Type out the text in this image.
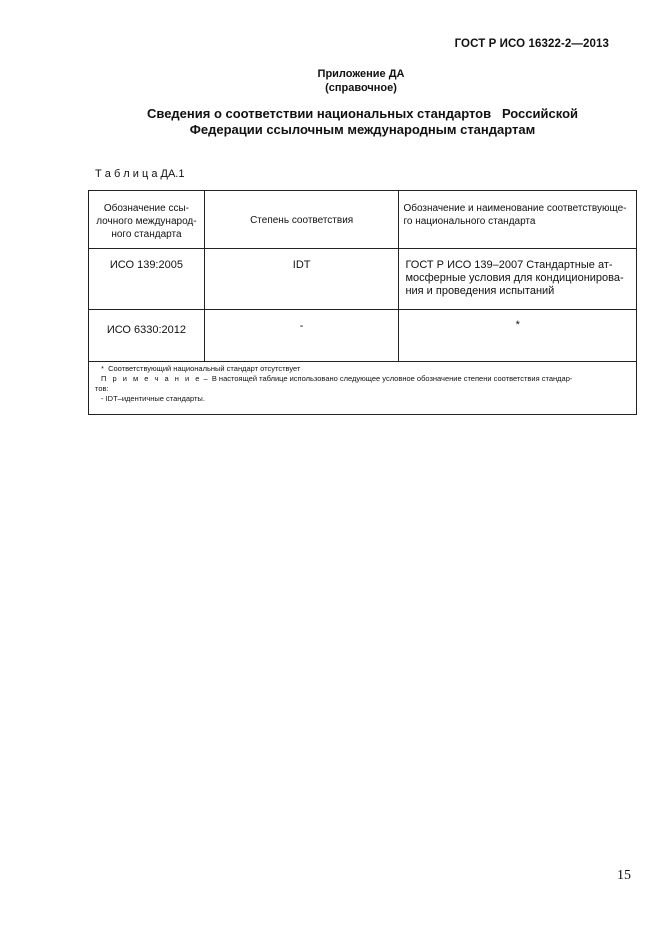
ГОСТ Р ИСО 16322-2—2013
Приложение ДА
(справочное)
Сведения о соответствии национальных стандартов   Российской
Федерации ссылочным международным стандартам
Т а б л и ц а ДА.1
Обозначение ссы-
лочного международ-
ного стандарта	Степень соответствия	Обозначение и наименование соответствующе-
го национального стандарта

ИСО 139:2005	IDT	ГОСТ Р ИСО 139–2007 Стандартные ат-
мосферные условия для кондиционирова-
ния и проведения испытаний

ИСО 6330:2012	-	*

*  Соответствующий национальный стандарт отсутствует
П р и м е ч а н и е –  В настоящей таблице использовано следующее условное обозначение степени соответствия стандар-
тов:
- IDT–идентичные стандарты.		
15
